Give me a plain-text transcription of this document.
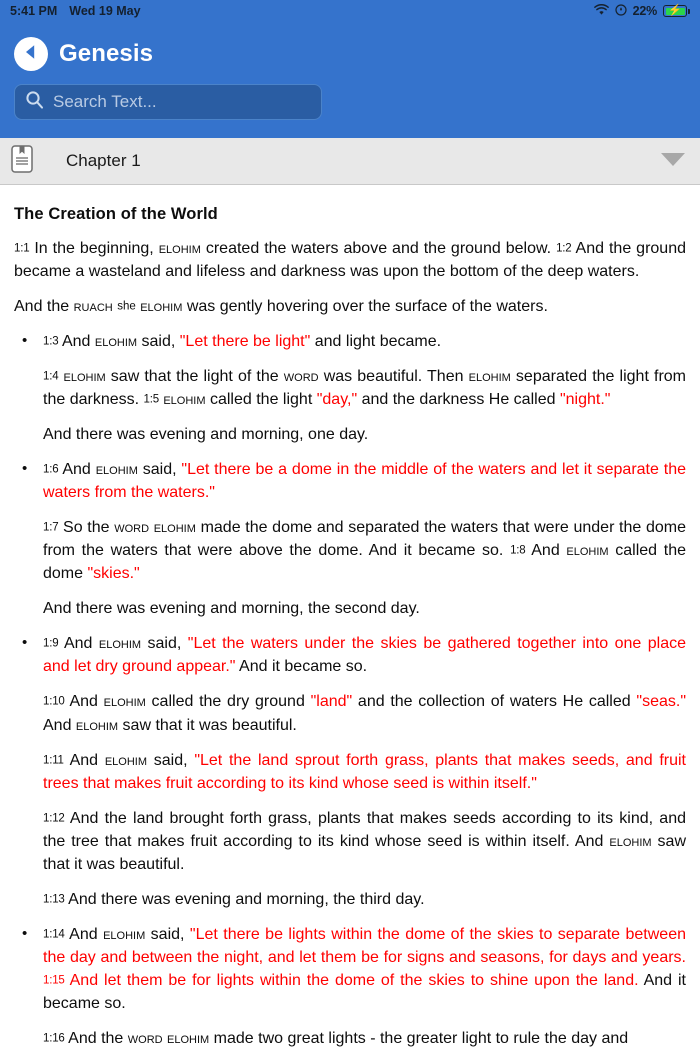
5:41 PM Wed 19 May	22% ⚡
Genesis
Search Text...
Chapter 1
The Creation of the World

1:1 In the beginning, elohim created the waters above and the ground below. 1:2 And the ground became a wasteland and lifeless and darkness was upon the bottom of the deep waters.

And the ruach she elohim was gently hovering over the surface of the waters.

• 1:3 And elohim said, "Let there be light" and light became.

1:4 elohim saw that the light of the word was beautiful. Then elohim separated the light from the darkness. 1:5 elohim called the light "day," and the darkness He called "night."

And there was evening and morning, one day.

• 1:6 And elohim said, "Let there be a dome in the middle of the waters and let it separate the waters from the waters."

1:7 So the word elohim made the dome and separated the waters that were under the dome from the waters that were above the dome. And it became so. 1:8 And elohim called the dome "skies."

And there was evening and morning, the second day.

• 1:9 And elohim said, "Let the waters under the skies be gathered together into one place and let dry ground appear." And it became so.

1:10 And elohim called the dry ground "land" and the collection of waters He called "seas." And elohim saw that it was beautiful.

1:11 And elohim said, "Let the land sprout forth grass, plants that makes seeds, and fruit trees that makes fruit according to its kind whose seed is within itself."

1:12 And the land brought forth grass, plants that makes seeds according to its kind, and the tree that makes fruit according to its kind whose seed is within itself. And elohim saw that it was beautiful.

1:13 And there was evening and morning, the third day.

• 1:14 And elohim said, "Let there be lights within the dome of the skies to separate between the day and between the night, and let them be for signs and seasons, for days and years. 1:15 And let them be for lights within the dome of the skies to shine upon the land. And it became so.

1:16 And the word elohim made two great lights - the greater light to rule the day and
